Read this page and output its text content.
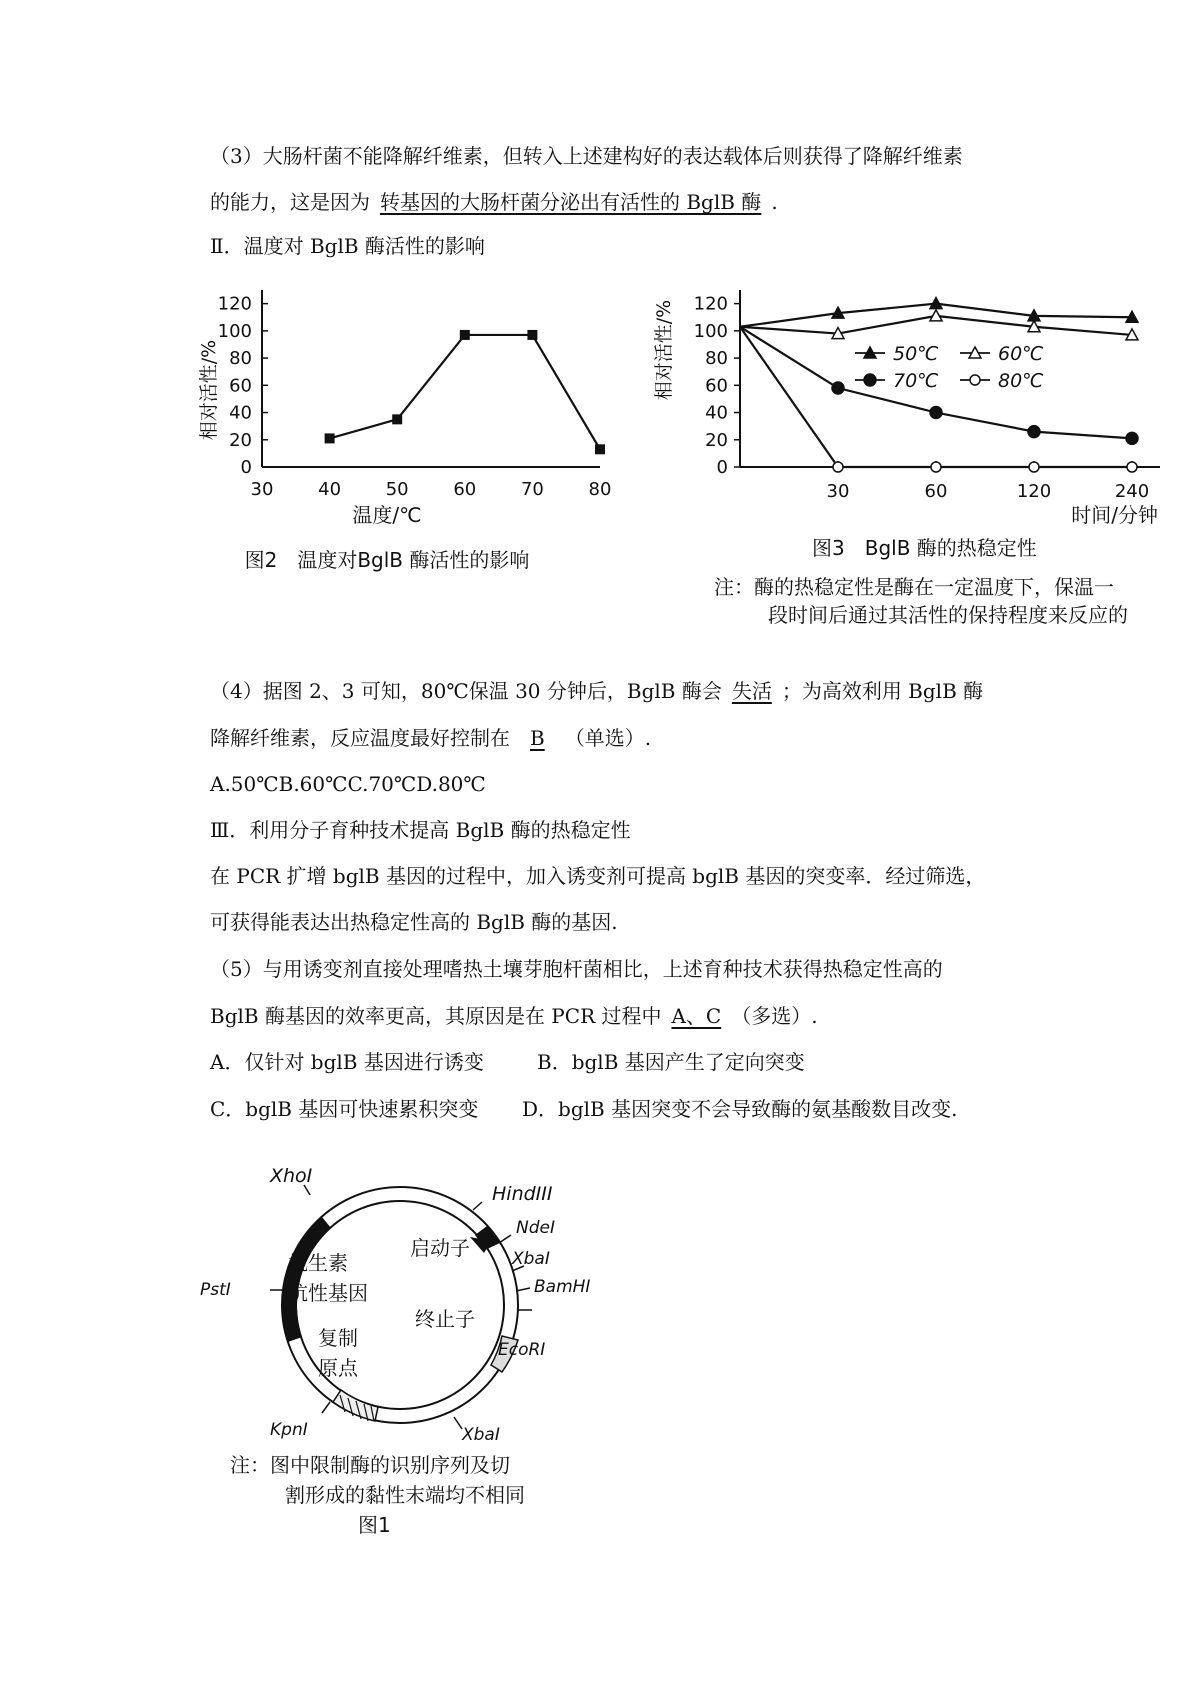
（3）大肠杆菌不能降解纤维素，但转入上述建构好的表达载体后则获得了降解纤维素
的能力，这是因为 转基因的大肠杆菌分泌出有活性的 BglB 酶 .
Ⅱ．温度对 BglB 酶活性的影响
相对活性/%
0
20
40
60
80
100
120
30 40 50 60 70 80
温度/℃
图2　温度对BglB 酶活性的影响
相对活性/%
0
20
40
60
80
100
120
30	60	120	240
50℃	60℃
70℃	80℃
时间/分钟
图3　BglB 酶的热稳定性
注：酶的热稳定性是酶在一定温度下，保温一
段时间后通过其活性的保持程度来反应的
（4）据图 2、3 可知，80℃保温 30 分钟后，BglB 酶会 失活 ；为高效利用 BglB 酶
降解纤维素，反应温度最好控制在 B （单选）.
A.50℃B.60℃C.70℃D.80℃
Ⅲ．利用分子育种技术提高 BglB 酶的热稳定性
在 PCR 扩增 bglB 基因的过程中，加入诱变剂可提高 bglB 基因的突变率．经过筛选，
可获得能表达出热稳定性高的 BglB 酶的基因.
（5）与用诱变剂直接处理嗜热土壤芽胞杆菌相比，上述育种技术获得热稳定性高的
BglB 酶基因的效率更高，其原因是在 PCR 过程中 A、C （多选）.
A．仅针对 bglB 基因进行诱变	B．bglB 基因产生了定向突变
C．bglB 基因可快速累积突变 D．bglB 基因突变不会导致酶的氨基酸数目改变.
XhoI
HindIII
NdeI
XbaI
BamHI
EcoRI
XbaI
KpnI
PstI
启动子
抗生素
抗性基因
终止子
复制
原点
注：图中限制酶的识别序列及切
割形成的黏性末端均不相同
图1
